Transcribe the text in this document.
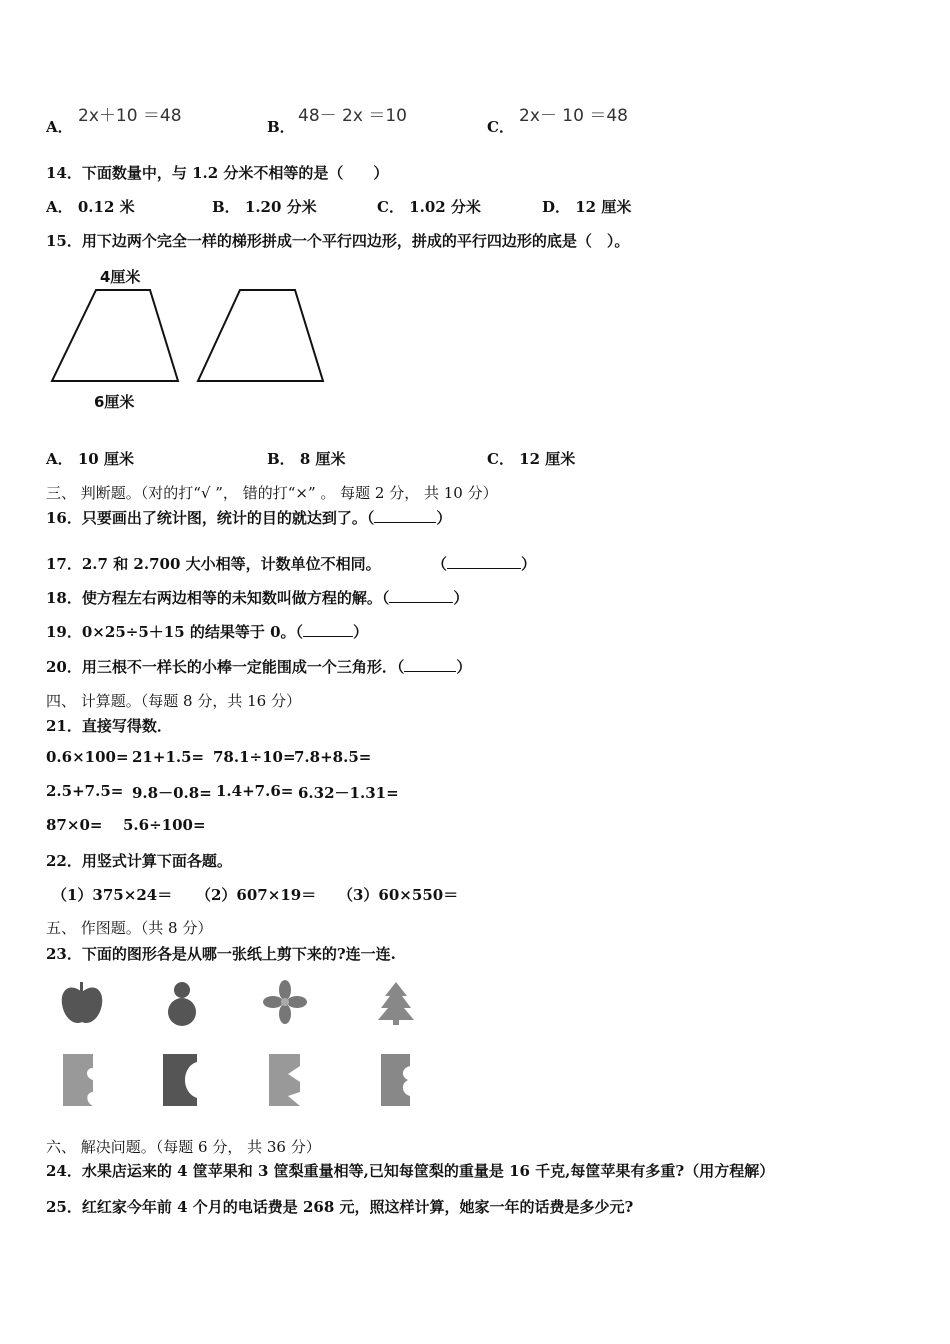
A．
2x＋10 ＝48
B．
48－ 2x ＝10
C．
2x－ 10 ＝48
14．下面数量中，与 1.2 分米不相等的是（　　）
A． 0.12 米	B． 1.20 分米	C． 1.02 分米	D． 12 厘米
15．用下边两个完全一样的梯形拼成一个平行四边形，拼成的平行四边形的底是（　）。
4厘米
6厘米
A． 10 厘米	B． 8 厘米	C． 12 厘米
三、 判断题。（对的打“√ ”， 错的打“×” 。 每题 2 分， 共 10 分）
16．只要画出了统计图，统计的目的就达到了。（	）
17．2.7 和 2.700 大小相等，计数单位不相同。	（	）
18．使方程左右两边相等的未知数叫做方程的解。（	）
19．0×25÷5＋15 的结果等于 0。（	）
20．用三根不一样长的小棒一定能围成一个三角形．（	）
四、 计算题。（每题 8 分，共 16 分）
21．直接写得数．
0.6×100= 21+1.5= 78.1÷10=
7.8+8.5=
2.5+7.5= 9.8－0.8= 1.4+7.6= 6.32－1.31=
87×0= 5.6÷100=
22．用竖式计算下面各题。
（1）375×24＝ （2）607×19＝ （3）60×550＝
五、 作图题。（共 8 分）
23．下面的图形各是从哪一张纸上剪下来的?连一连.
六、 解决问题。（每题 6 分， 共 36 分）
24．水果店运来的 4 筐苹果和 3 筐梨重量相等,已知每筐梨的重量是 16 千克,每筐苹果有多重?（用方程解）
25．红红家今年前 4 个月的电话费是 268 元，照这样计算，她家一年的话费是多少元?
